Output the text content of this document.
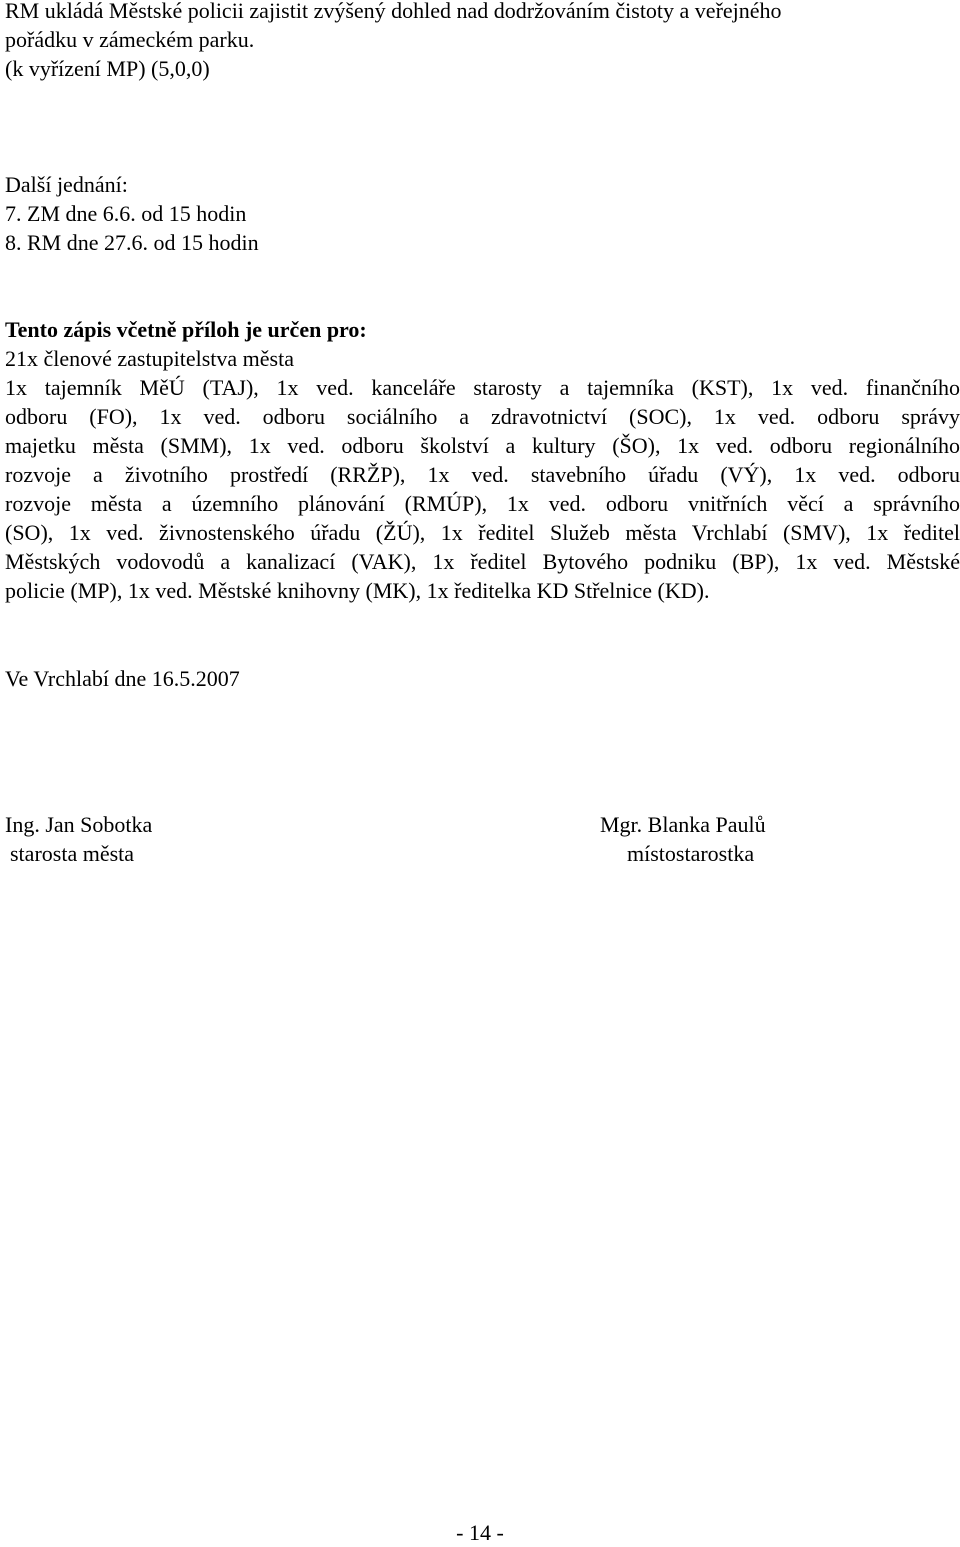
RM ukládá Městské policii zajistit zvýšený dohled nad dodržováním čistoty a veřejného
pořádku v zámeckém parku.
(k vyřízení MP) (5,0,0)
Další jednání:
7. ZM dne 6.6. od 15 hodin
8. RM dne 27.6. od 15 hodin
Tento zápis včetně příloh je určen pro:
21x členové zastupitelstva města
1x tajemník MěÚ (TAJ), 1x ved. kanceláře starosty a tajemníka (KST), 1x ved. finančního
odboru (FO), 1x ved. odboru sociálního a zdravotnictví (SOC), 1x ved. odboru správy
majetku města (SMM), 1x ved. odboru školství a kultury (ŠO), 1x ved. odboru regionálního
rozvoje a životního prostředí (RRŽP), 1x ved. stavebního úřadu (VÝ), 1x ved. odboru
rozvoje města a územního plánování (RMÚP), 1x ved. odboru vnitřních věcí a správního
(SO), 1x ved. živnostenského úřadu (ŽÚ), 1x ředitel Služeb města Vrchlabí (SMV), 1x ředitel
Městských vodovodů a kanalizací (VAK), 1x ředitel Bytového podniku (BP), 1x ved. Městské
policie (MP), 1x ved. Městské knihovny (MK), 1x ředitelka KD Střelnice (KD).
Ve Vrchlabí dne 16.5.2007
Ing. Jan Sobotka
starosta města
Mgr. Blanka Paulů
místostarostka
- 14 -
